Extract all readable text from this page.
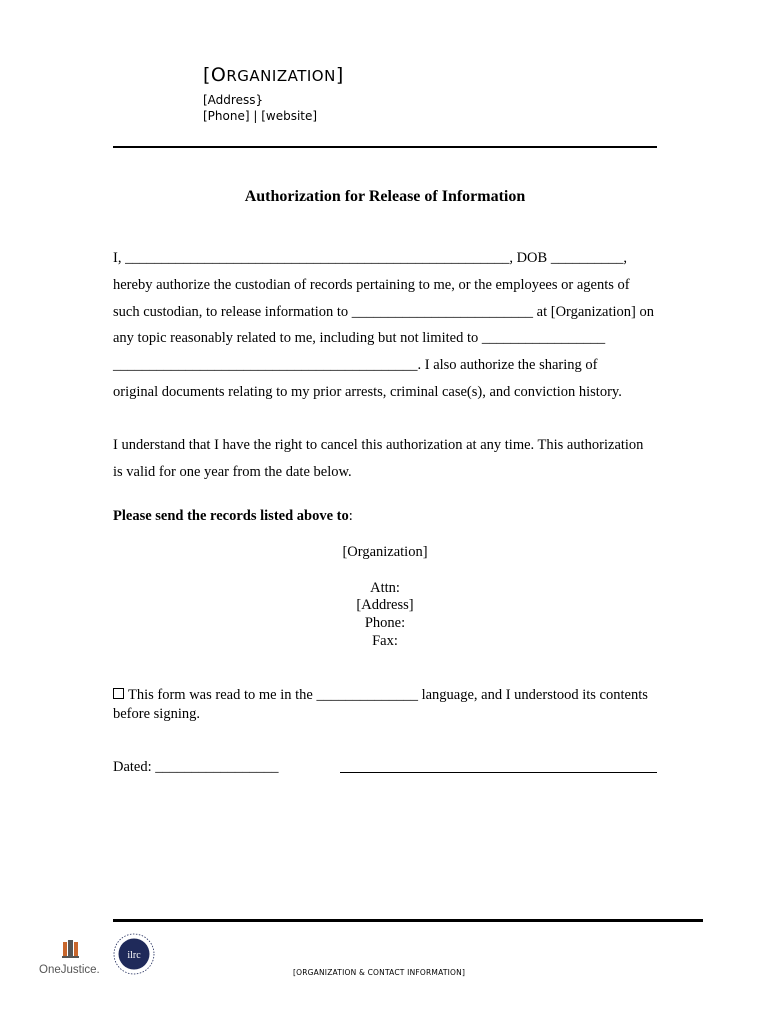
[ORGANIZATION]
[Address}
[Phone] | [website]
Authorization for Release of Information
I, _____________________________________________________, DOB __________,
hereby authorize the custodian of records pertaining to me, or the employees or agents of
such custodian, to release information to _________________________ at [Organization] on
any topic reasonably related to me, including but not limited to _________________
__________________________________________. I also authorize the sharing of
original documents relating to my prior arrests, criminal case(s), and conviction history.
I understand that I have the right to cancel this authorization at any time. This authorization
is valid for one year from the date below.
Please send the records listed above to:
[Organization]
Attn:
[Address]
Phone:
Fax:
This form was read to me in the ______________ language, and I understood its contents before signing.
Dated: _________________
OneJustice.
ilrc
[ORGANIZATION & CONTACT INFORMATION]
